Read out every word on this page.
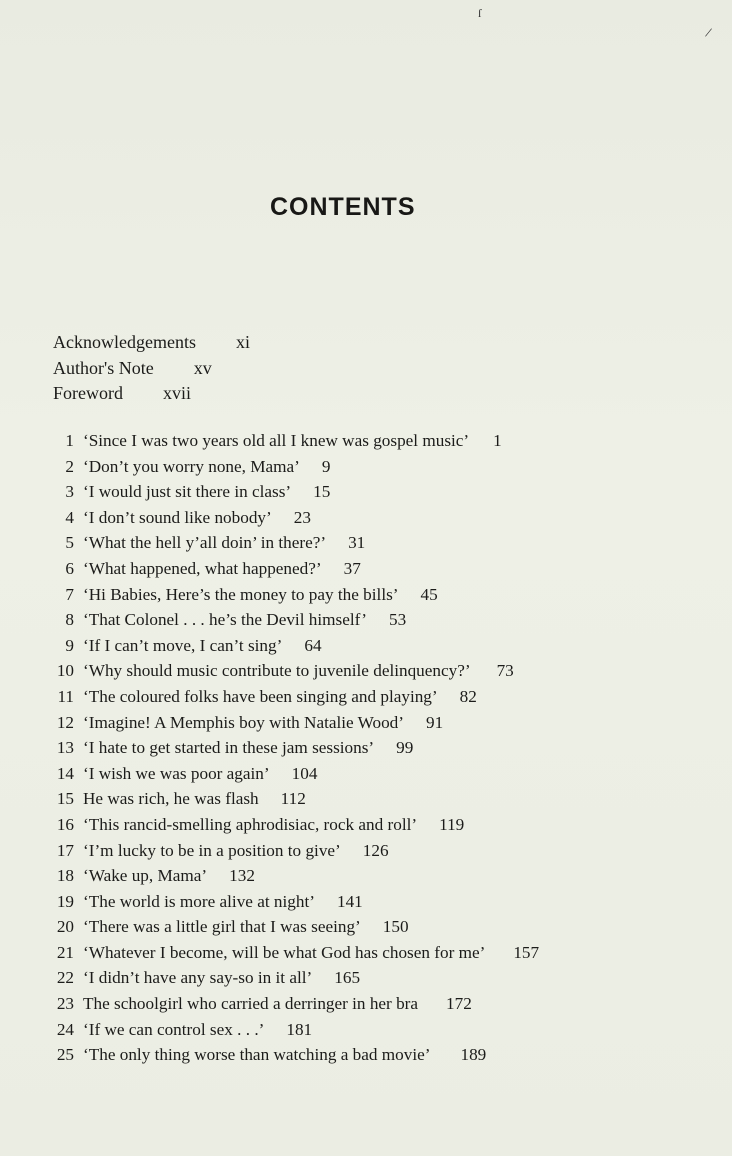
ſ
/
CONTENTS
Acknowledgements xi
Author's Note xv
Foreword xvii
1 ‘Since I was two years old all I knew was gospel music’ 1
2 ‘Don’t you worry none, Mama’ 9
3 ‘I would just sit there in class’ 15
4 ‘I don’t sound like nobody’ 23
5 ‘What the hell y’all doin’ in there?’ 31
6 ‘What happened, what happened?’ 37
7 ‘Hi Babies, Here’s the money to pay the bills’ 45
8 ‘That Colonel . . . he’s the Devil himself’ 53
9 ‘If I can’t move, I can’t sing’ 64
10 ‘Why should music contribute to juvenile delinquency?’ 73
11 ‘The coloured folks have been singing and playing’ 82
12 ‘Imagine! A Memphis boy with Natalie Wood’ 91
13 ‘I hate to get started in these jam sessions’ 99
14 ‘I wish we was poor again’ 104
15 He was rich, he was flash 112
16 ‘This rancid-smelling aphrodisiac, rock and roll’ 119
17 ‘I’m lucky to be in a position to give’ 126
18 ‘Wake up, Mama’ 132
19 ‘The world is more alive at night’ 141
20 ‘There was a little girl that I was seeing’ 150
21 ‘Whatever I become, will be what God has chosen for me’ 157
22 ‘I didn’t have any say-so in it all’ 165
23 The schoolgirl who carried a derringer in her bra 172
24 ‘If we can control sex . . .’ 181
25 ‘The only thing worse than watching a bad movie’ 189
